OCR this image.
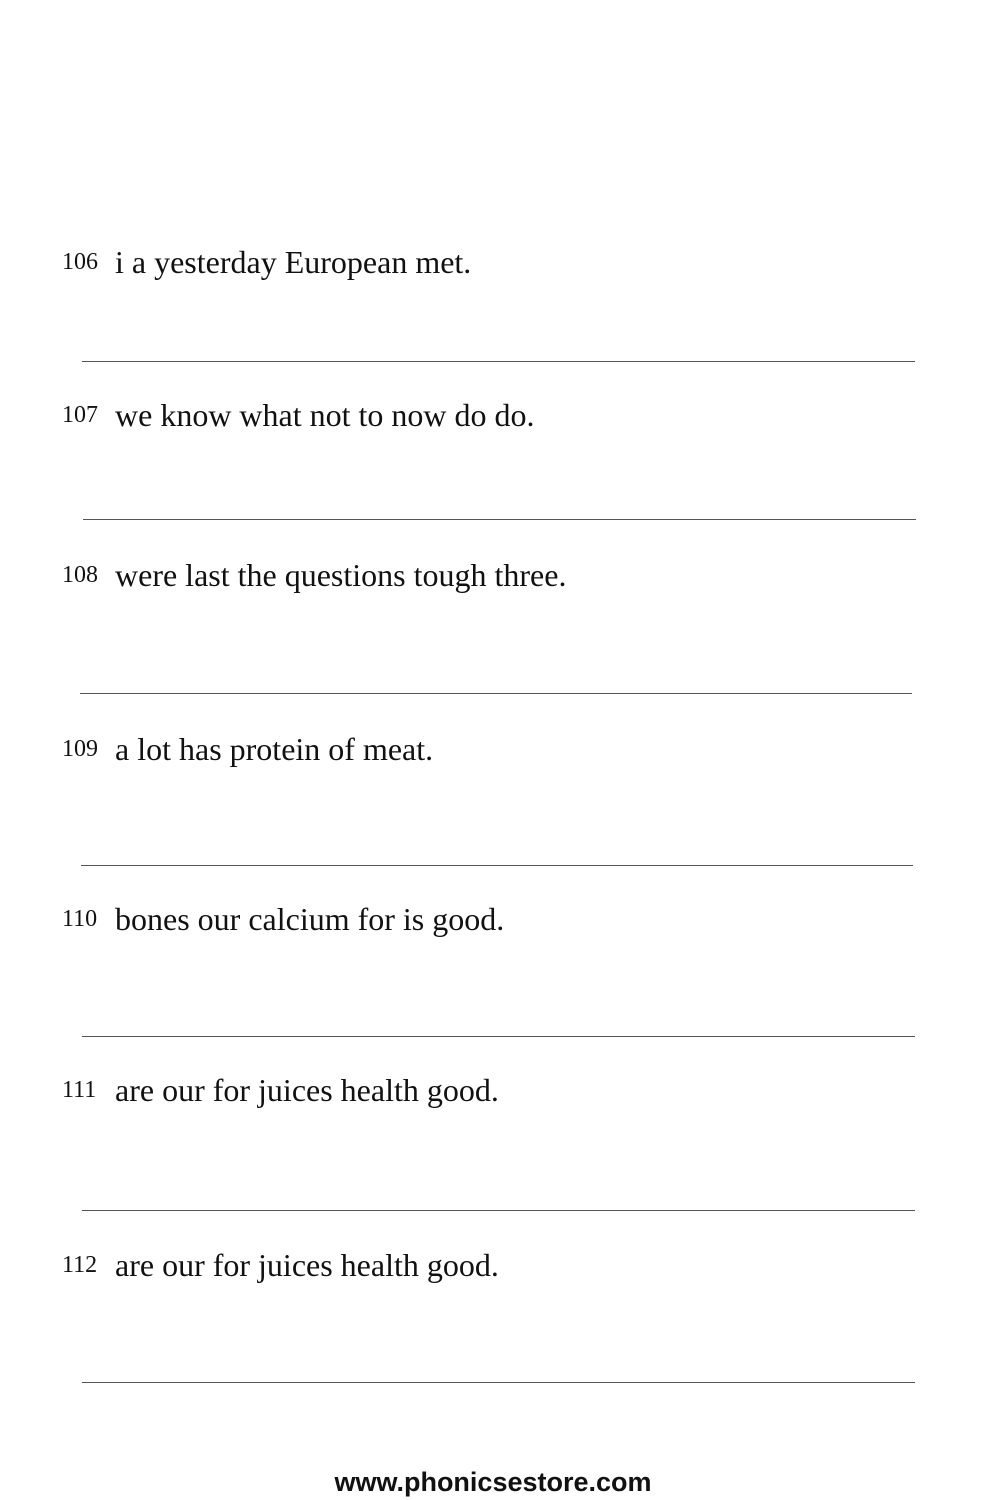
106 i a yesterday European met.
107 we know what not to now do do.
108 were last the questions tough three.
109 a lot has protein of meat.
110 bones our calcium for is good.
111 are our for juices health good.
112 are our for juices health good.
www.phonicsestore.com
